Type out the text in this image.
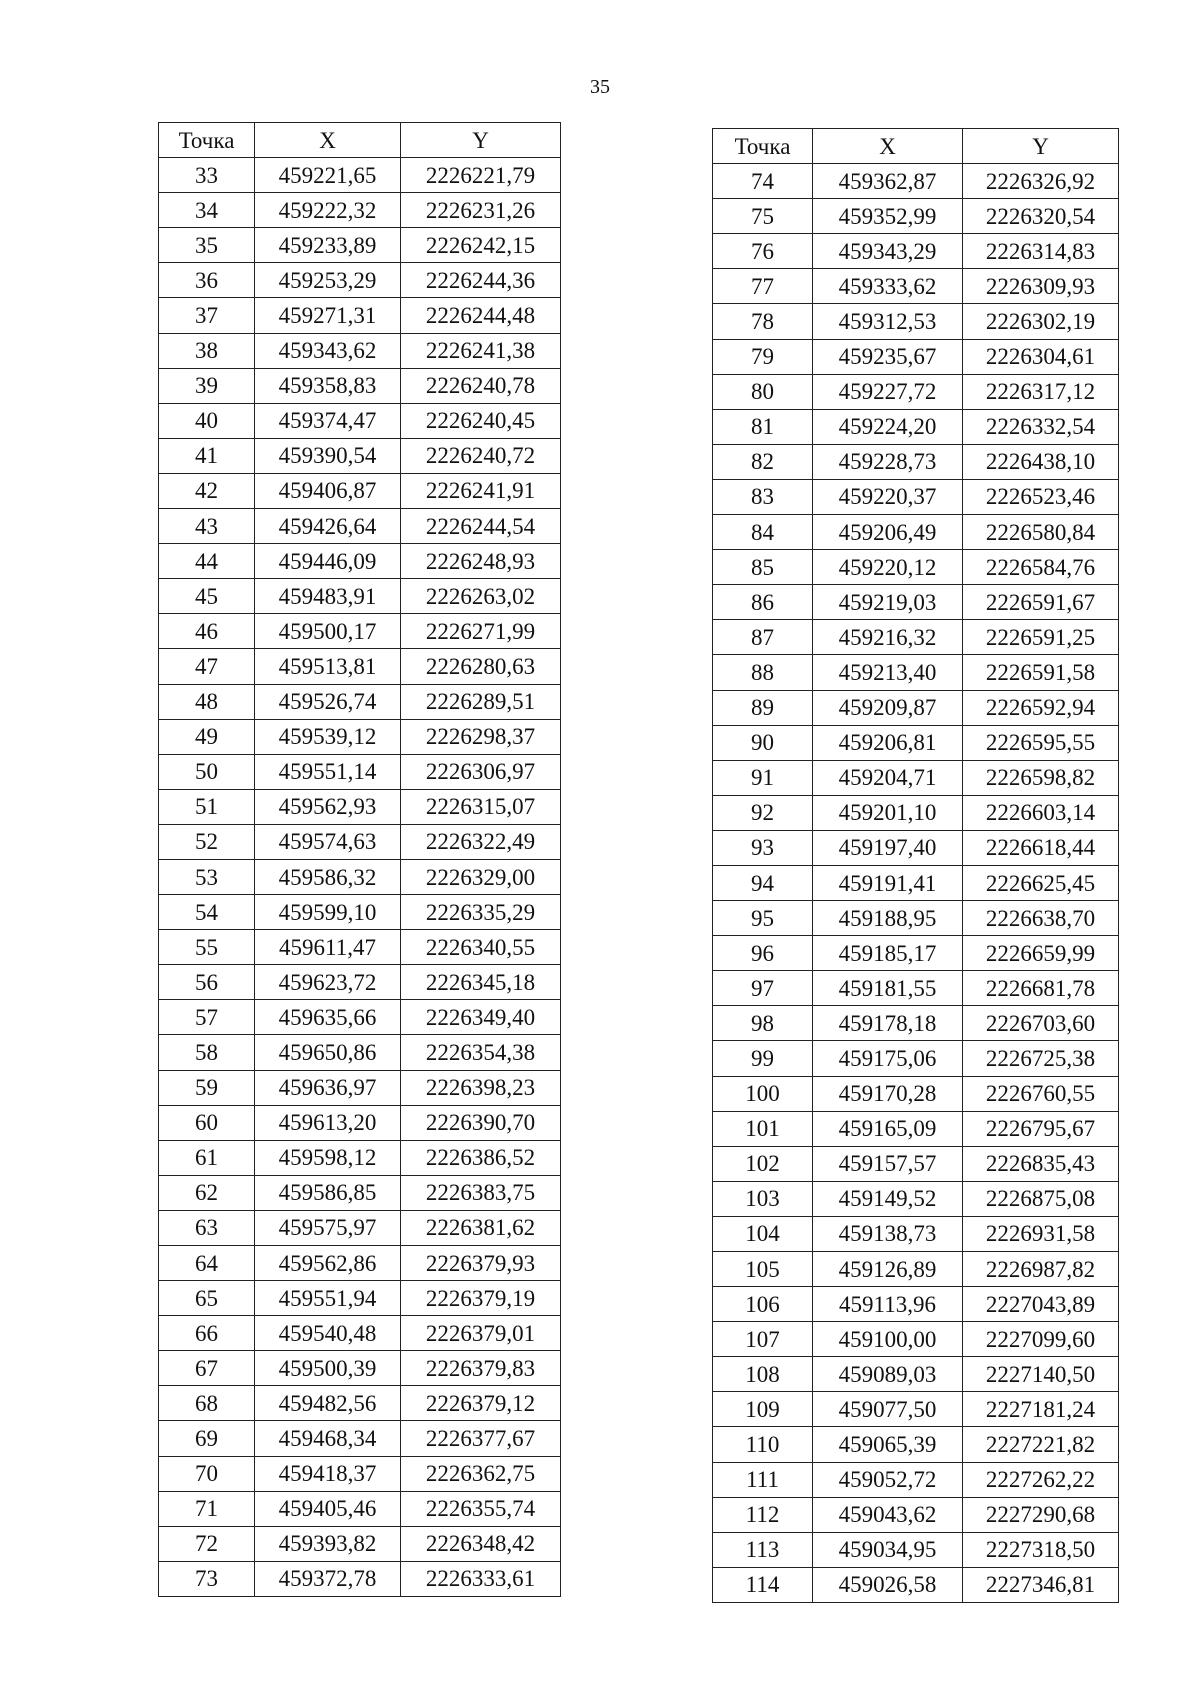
35
Точка	X	Y
33	459221,65	2226221,79
34	459222,32	2226231,26
35	459233,89	2226242,15
36	459253,29	2226244,36
37	459271,31	2226244,48
38	459343,62	2226241,38
39	459358,83	2226240,78
40	459374,47	2226240,45
41	459390,54	2226240,72
42	459406,87	2226241,91
43	459426,64	2226244,54
44	459446,09	2226248,93
45	459483,91	2226263,02
46	459500,17	2226271,99
47	459513,81	2226280,63
48	459526,74	2226289,51
49	459539,12	2226298,37
50	459551,14	2226306,97
51	459562,93	2226315,07
52	459574,63	2226322,49
53	459586,32	2226329,00
54	459599,10	2226335,29
55	459611,47	2226340,55
56	459623,72	2226345,18
57	459635,66	2226349,40
58	459650,86	2226354,38
59	459636,97	2226398,23
60	459613,20	2226390,70
61	459598,12	2226386,52
62	459586,85	2226383,75
63	459575,97	2226381,62
64	459562,86	2226379,93
65	459551,94	2226379,19
66	459540,48	2226379,01
67	459500,39	2226379,83
68	459482,56	2226379,12
69	459468,34	2226377,67
70	459418,37	2226362,75
71	459405,46	2226355,74
72	459393,82	2226348,42
73	459372,78	2226333,61
Точка	X	Y
74	459362,87	2226326,92
75	459352,99	2226320,54
76	459343,29	2226314,83
77	459333,62	2226309,93
78	459312,53	2226302,19
79	459235,67	2226304,61
80	459227,72	2226317,12
81	459224,20	2226332,54
82	459228,73	2226438,10
83	459220,37	2226523,46
84	459206,49	2226580,84
85	459220,12	2226584,76
86	459219,03	2226591,67
87	459216,32	2226591,25
88	459213,40	2226591,58
89	459209,87	2226592,94
90	459206,81	2226595,55
91	459204,71	2226598,82
92	459201,10	2226603,14
93	459197,40	2226618,44
94	459191,41	2226625,45
95	459188,95	2226638,70
96	459185,17	2226659,99
97	459181,55	2226681,78
98	459178,18	2226703,60
99	459175,06	2226725,38
100	459170,28	2226760,55
101	459165,09	2226795,67
102	459157,57	2226835,43
103	459149,52	2226875,08
104	459138,73	2226931,58
105	459126,89	2226987,82
106	459113,96	2227043,89
107	459100,00	2227099,60
108	459089,03	2227140,50
109	459077,50	2227181,24
110	459065,39	2227221,82
111	459052,72	2227262,22
112	459043,62	2227290,68
113	459034,95	2227318,50
114	459026,58	2227346,81
